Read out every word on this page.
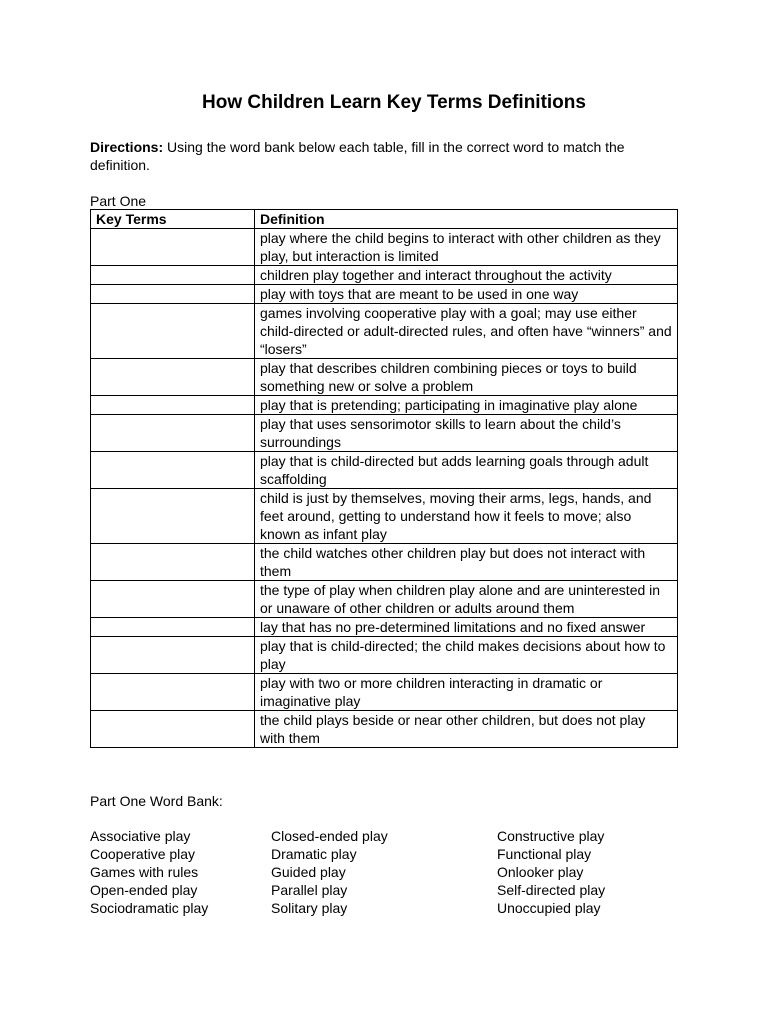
How Children Learn Key Terms Definitions
Directions: Using the word bank below each table, fill in the correct word to match the definition.
Part One
Key Terms	Definition
	play where the child begins to interact with other children as they play, but interaction is limited
	children play together and interact throughout the activity
	play with toys that are meant to be used in one way
	games involving cooperative play with a goal; may use either child-directed or adult-directed rules, and often have “winners” and “losers”
	play that describes children combining pieces or toys to build something new or solve a problem
	play that is pretending; participating in imaginative play alone
	play that uses sensorimotor skills to learn about the child’s surroundings
	play that is child-directed but adds learning goals through adult scaffolding
	child is just by themselves, moving their arms, legs, hands, and feet around, getting to understand how it feels to move; also known as infant play
	the child watches other children play but does not interact with them
	the type of play when children play alone and are uninterested in or unaware of other children or adults around them
	lay that has no pre-determined limitations and no fixed answer
	play that is child-directed; the child makes decisions about how to play
	play with two or more children interacting in dramatic or imaginative play
	the child plays beside or near other children, but does not play with them
Part One Word Bank:
Associative play
Cooperative play
Games with rules
Open-ended play
Sociodramatic play
Closed-ended play
Dramatic play
Guided play
Parallel play
Solitary play
Constructive play
Functional play
Onlooker play
Self-directed play
Unoccupied play
